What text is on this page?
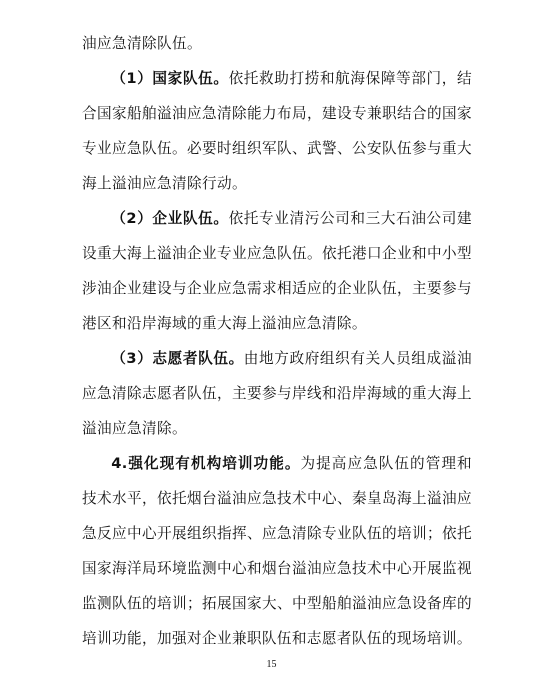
油应急清除队伍。

（1）国家队伍。依托救助打捞和航海保障等部门，结合国家船舶溢油应急清除能力布局，建设专兼职结合的国家专业应急队伍。必要时组织军队、武警、公安队伍参与重大海上溢油应急清除行动。

（2）企业队伍。依托专业清污公司和三大石油公司建设重大海上溢油企业专业应急队伍。依托港口企业和中小型涉油企业建设与企业应急需求相适应的企业队伍，主要参与港区和沿岸海域的重大海上溢油应急清除。

（3）志愿者队伍。由地方政府组织有关人员组成溢油应急清除志愿者队伍，主要参与岸线和沿岸海域的重大海上溢油应急清除。

4.强化现有机构培训功能。为提高应急队伍的管理和技术水平，依托烟台溢油应急技术中心、秦皇岛海上溢油应急反应中心开展组织指挥、应急清除专业队伍的培训；依托国家海洋局环境监测中心和烟台溢油应急技术中心开展监视监测队伍的培训；拓展国家大、中型船舶溢油应急设备库的培训功能，加强对企业兼职队伍和志愿者队伍的现场培训。

15
